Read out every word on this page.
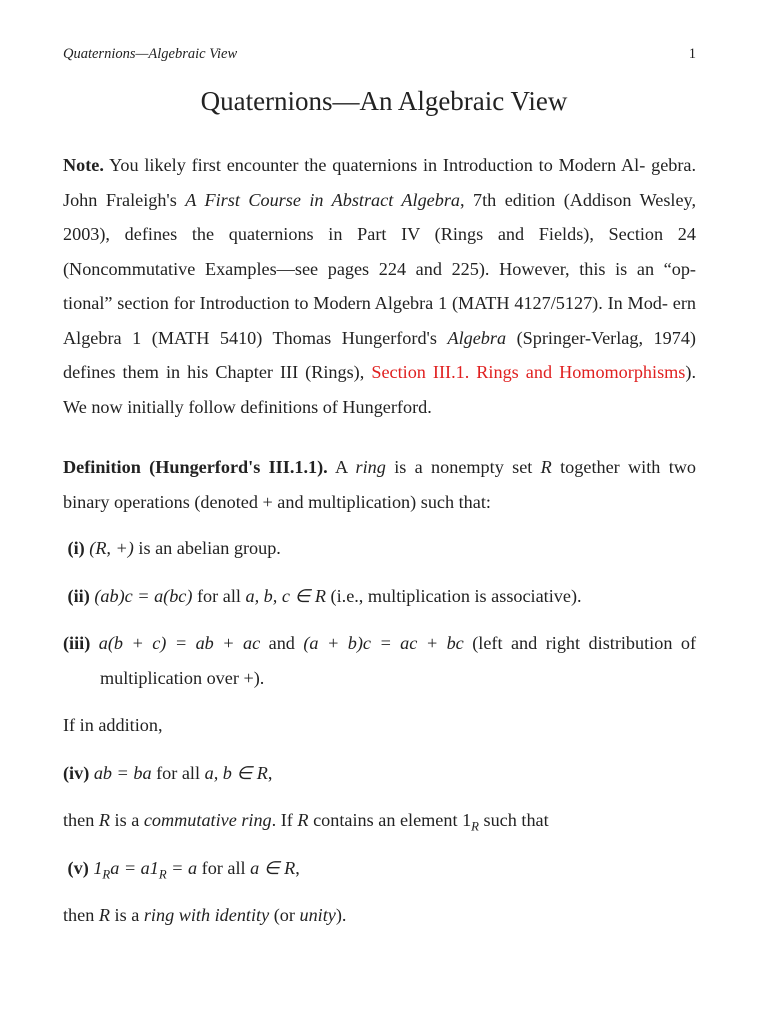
Quaternions—Algebraic View	1
Quaternions—An Algebraic View

Note. You likely first encounter the quaternions in Introduction to Modern Al- gebra. John Fraleigh's A First Course in Abstract Algebra, 7th edition (Addison Wesley, 2003), defines the quaternions in Part IV (Rings and Fields), Section 24 (Noncommutative Examples—see pages 224 and 225). However, this is an “op- tional” section for Introduction to Modern Algebra 1 (MATH 4127/5127). In Mod- ern Algebra 1 (MATH 5410) Thomas Hungerford's Algebra (Springer-Verlag, 1974) defines them in his Chapter III (Rings), Section III.1. Rings and Homomorphisms). We now initially follow definitions of Hungerford.

Definition (Hungerford's III.1.1). A ring is a nonempty set R together with two binary operations (denoted + and multiplication) such that:

(i) (R, +) is an abelian group.
(ii) (ab)c = a(bc) for all a, b, c ∈ R (i.e., multiplication is associative).
(iii) a(b + c) = ab + ac and (a + b)c = ac + bc (left and right distribution of multiplication over +).
If in addition,
(iv) ab = ba for all a, b ∈ R,
then R is a commutative ring. If R contains an element $1_R$ such that
(v) $1_Ra = a1_R = a$ for all a ∈ R,
then R is a ring with identity (or unity).
